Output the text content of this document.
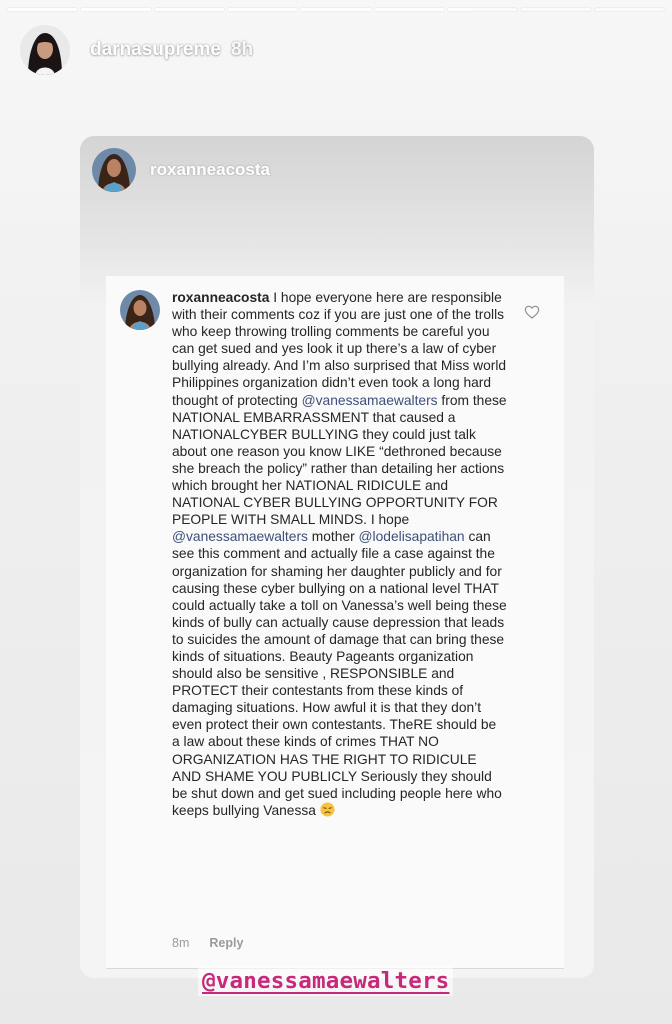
darnasupreme 8h
roxanneacosta
roxanneacosta I hope everyone here are responsible with their comments coz if you are just one of the trolls who keep throwing trolling comments be careful you can get sued and yes look it up there’s a law of cyber bullying already. And I’m also surprised that Miss world Philippines organization didn’t even took a long hard thought of protecting @vanessamaewalters from these NATIONAL EMBARRASSMENT that caused a NATIONALCYBER BULLYING they could just talk about one reason you know LIKE “dethroned because she breach the policy” rather than detailing her actions which brought her NATIONAL RIDICULE and NATIONAL CYBER BULLYING OPPORTUNITY FOR PEOPLE WITH SMALL MINDS. I hope @vanessamaewalters mother @lodelisapatihan can see this comment and actually file a case against the organization for shaming her daughter publicly and for causing these cyber bullying on a national level THAT could actually take a toll on Vanessa’s well being these kinds of bully can actually cause depression that leads to suicides the amount of damage that can bring these kinds of situations. Beauty Pageants organization should also be sensitive , RESPONSIBLE and PROTECT their contestants from these kinds of damaging situations. How awful it is that they don’t even protect their own contestants. TheRE should be a law about these kinds of crimes THAT NO ORGANIZATION HAS THE RIGHT TO RIDICULE AND SHAME YOU PUBLICLY Seriously they should be shut down and get sued including people here who keeps bullying Vanessa
8m Reply
@vanessamaewalters
